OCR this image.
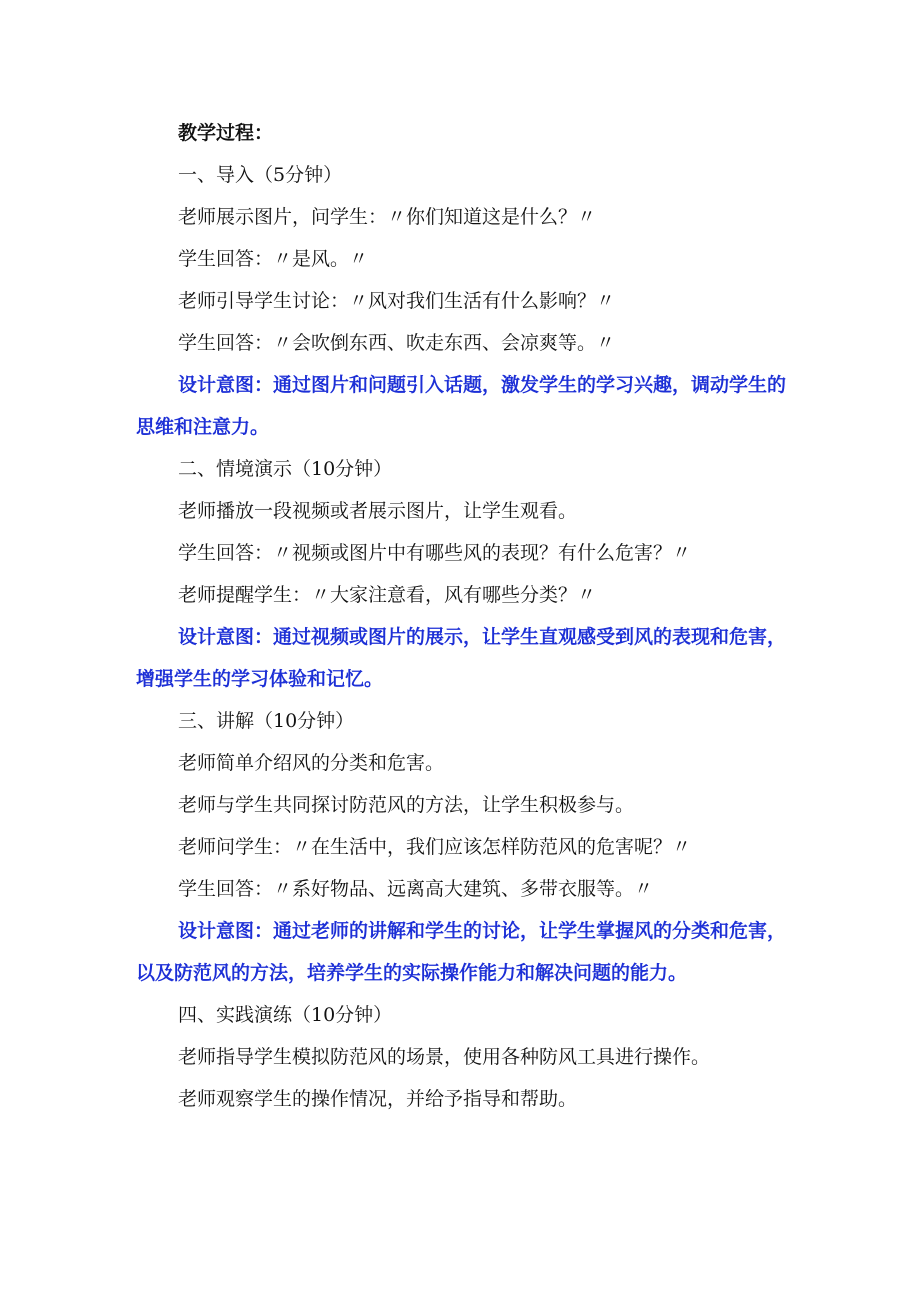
教学过程：
一、导入（5分钟）
老师展示图片，问学生：〃你们知道这是什么？〃
学生回答：〃是风。〃
老师引导学生讨论：〃风对我们生活有什么影响？〃
学生回答：〃会吹倒东西、吹走东西、会凉爽等。〃
设计意图：通过图片和问题引入话题，激发学生的学习兴趣，调动学生的思维和注意力。
二、情境演示（10分钟）
老师播放一段视频或者展示图片，让学生观看。
学生回答：〃视频或图片中有哪些风的表现？有什么危害？〃
老师提醒学生：〃大家注意看，风有哪些分类？〃
设计意图：通过视频或图片的展示，让学生直观感受到风的表现和危害，增强学生的学习体验和记忆。
三、讲解（10分钟）
老师简单介绍风的分类和危害。
老师与学生共同探讨防范风的方法，让学生积极参与。
老师问学生：〃在生活中，我们应该怎样防范风的危害呢？〃
学生回答：〃系好物品、远离高大建筑、多带衣服等。〃
设计意图：通过老师的讲解和学生的讨论，让学生掌握风的分类和危害，以及防范风的方法，培养学生的实际操作能力和解决问题的能力。
四、实践演练（10分钟）
老师指导学生模拟防范风的场景，使用各种防风工具进行操作。
老师观察学生的操作情况，并给予指导和帮助。
